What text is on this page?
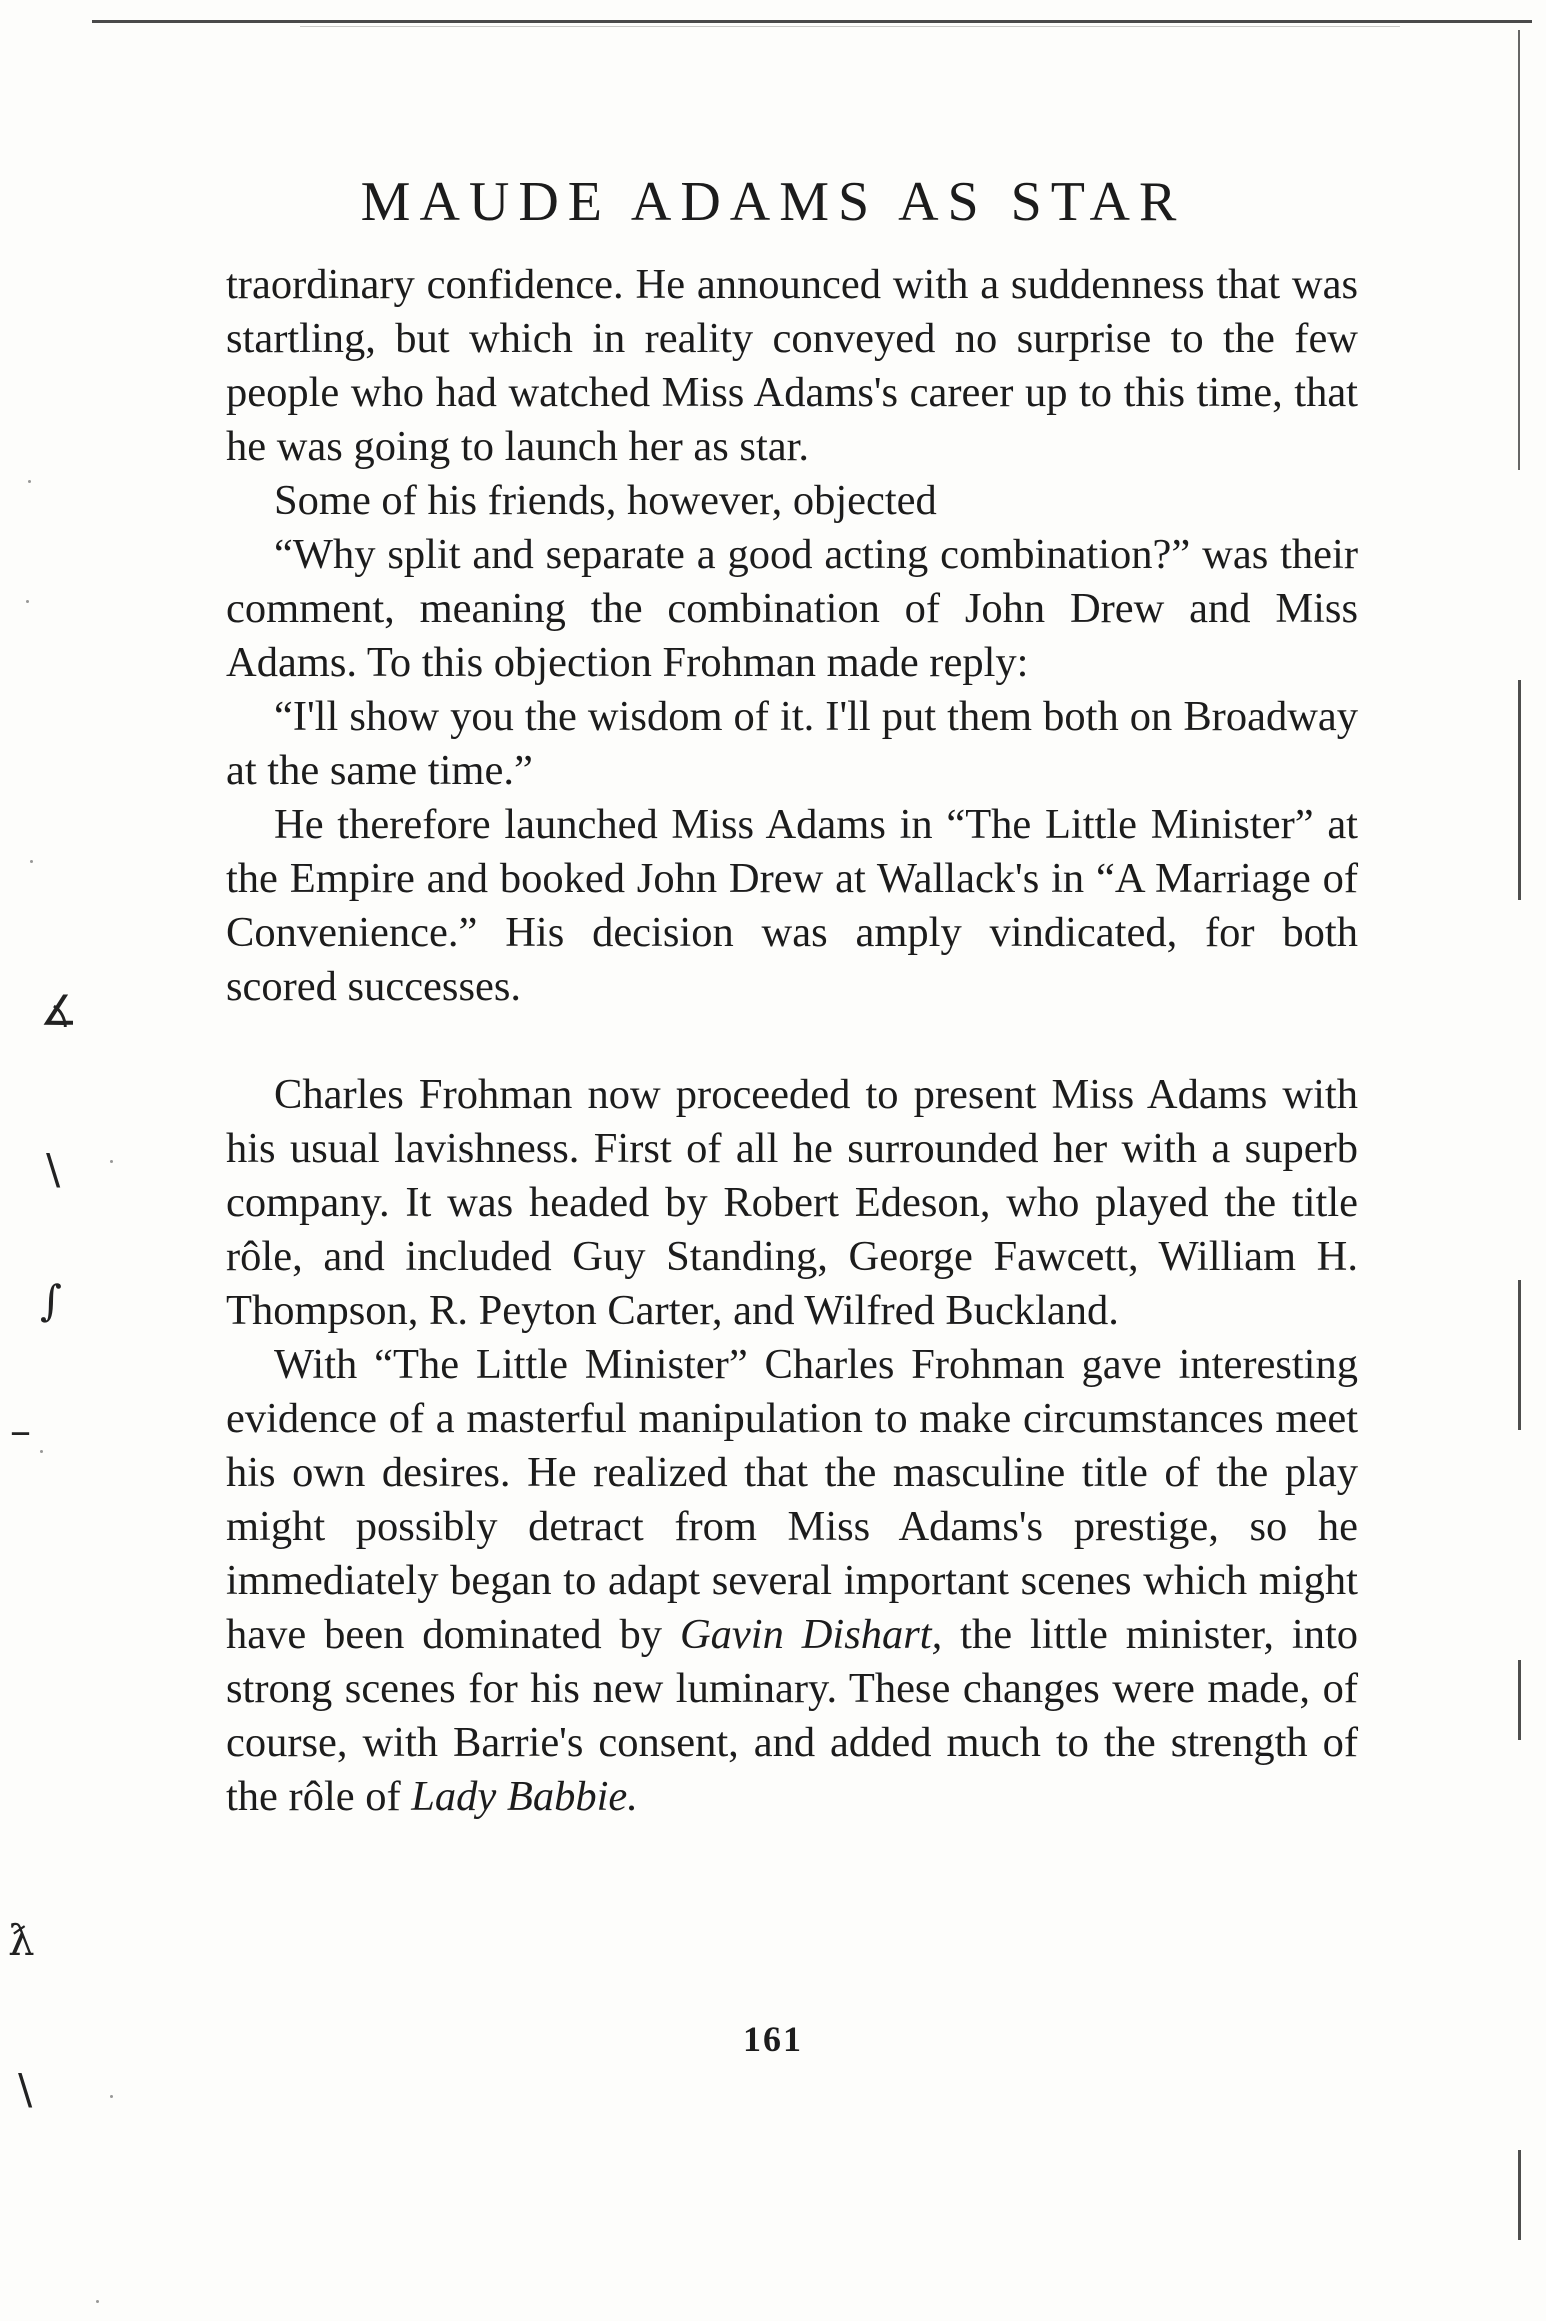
∡
∖
∫
–
ƛ
∖
MAUDE ADAMS AS STAR

traordinary confidence. He announced with a suddenness that was startling, but which in reality conveyed no surprise to the few people who had watched Miss Adams's career up to this time, that he was going to launch her as star.

Some of his friends, however, objected

“Why split and separate a good acting combination?” was their comment, meaning the combination of John Drew and Miss Adams. To this objection Frohman made reply:

“I'll show you the wisdom of it. I'll put them both on Broadway at the same time.”

He therefore launched Miss Adams in “The Little Minister” at the Empire and booked John Drew at Wallack's in “A Marriage of Convenience.” His decision was amply vindicated, for both scored successes.

Charles Frohman now proceeded to present Miss Adams with his usual lavishness. First of all he surrounded her with a superb company. It was headed by Robert Edeson, who played the title rôle, and included Guy Standing, George Fawcett, William H. Thompson, R. Peyton Carter, and Wilfred Buckland.

With “The Little Minister” Charles Frohman gave interesting evidence of a masterful manipulation to make circumstances meet his own desires. He realized that the masculine title of the play might possibly detract from Miss Adams's prestige, so he immediately began to adapt several important scenes which might have been dominated by Gavin Dishart, the little minister, into strong scenes for his new luminary. These changes were made, of course, with Barrie's consent, and added much to the strength of the rôle of Lady Babbie.

161
